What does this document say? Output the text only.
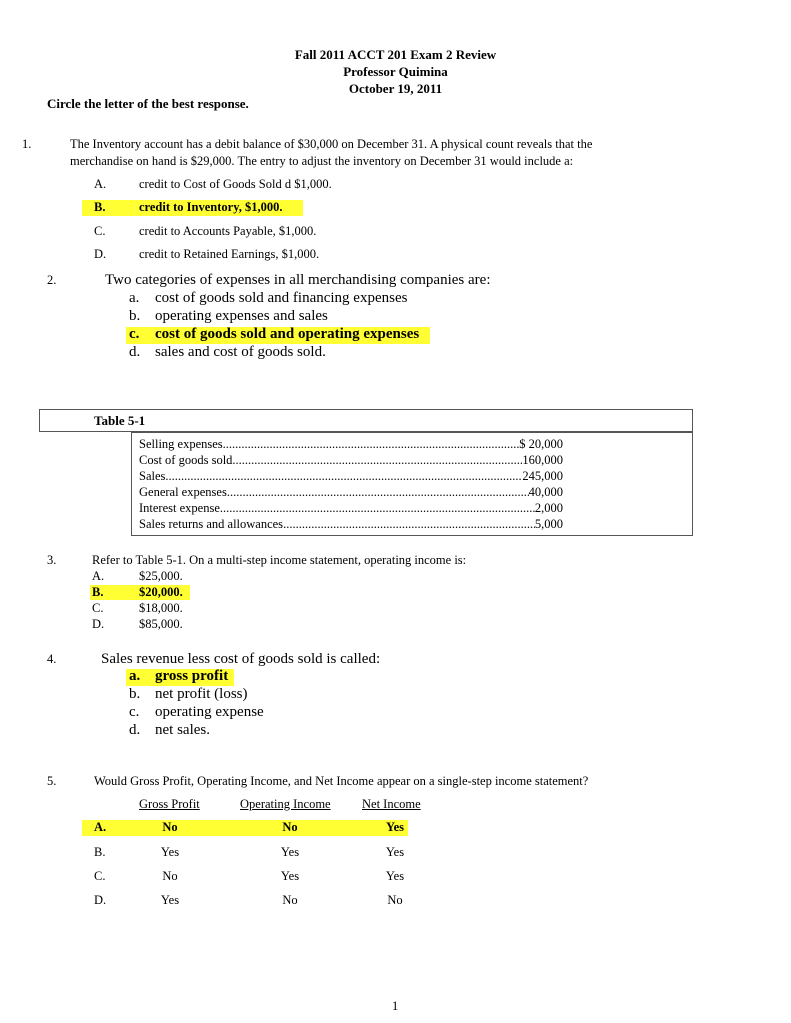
Fall 2011 ACCT 201 Exam 2 Review
Professor Quimina
October 19, 2011
Circle the letter of the best response.
1.	The Inventory account has a debit balance of $30,000 on December 31. A physical count reveals that the
merchandise on hand is $29,000. The entry to adjust the inventory on December 31 would include a:
A.	credit to Cost of Goods Sold d $1,000.
B.	credit to Inventory, $1,000.
C.	credit to Accounts Payable, $1,000.
D.	credit to Retained Earnings, $1,000.
2.	Two categories of expenses in all merchandising companies are:
a. cost of goods sold and financing expenses
b. operating expenses and sales
c. cost of goods sold and operating expenses
d. sales and cost of goods sold.
Table 5-1
Selling expenses .....	$ 20,000
Cost of goods sold .....	160,000
Sales .....	245,000
General expenses .....	40,000
Interest expense .....	2,000
Sales returns and allowances .....	5,000
3.	Refer to Table 5-1. On a multi-step income statement, operating income is:
A.	$25,000.
B.	$20,000.
C.	$18,000.
D.	$85,000.
4.	Sales revenue less cost of goods sold is called:
a. gross profit
b. net profit (loss)
c. operating expense
d. net sales.
5.	Would Gross Profit, Operating Income, and Net Income appear on a single-step income statement?
Gross Profit	Operating Income	Net Income
A.	No	No	Yes
B.	Yes	Yes	Yes
C.	No	Yes	Yes
D.	Yes	No	No
1
